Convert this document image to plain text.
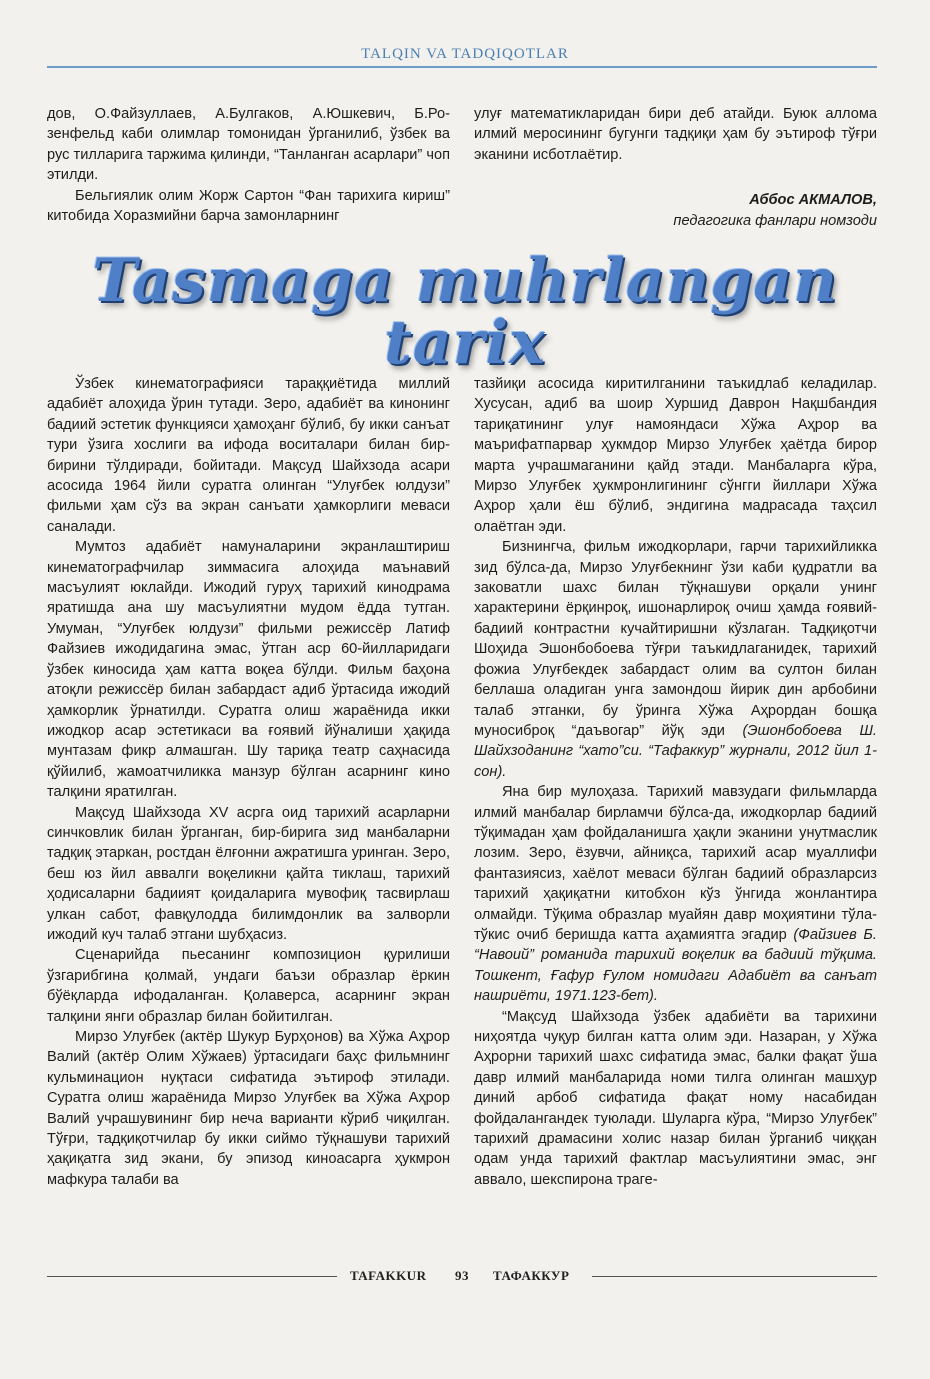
TALQIN VA TADQIQOTLAR

дов, О.Файзуллаев, А.Булгаков, А.Юшкевич, Б.Розенфельд каби олимлар томонидан ўрганилиб, ўзбек ва рус тилларига таржима қилинди, “Танланган асарлари” чоп этилди.

Бельгиялик олим Жорж Сартон “Фан тарихига кириш” китобида Хоразмийни барча замонларнинг

улуғ математикларидан бири деб атайди. Буюк аллома илмий меросининг бугунги тадқиқи ҳам бу эътироф тўғри эканини исботлаётир.

Аббос АКМАЛОВ,
педагогика фанлари номзоди
Tasmaga muhrlangan
tarix

Ўзбек кинематографияси тараққиётида миллий адабиёт алоҳида ўрин тутади. Зеро, адабиёт ва кинонинг бадиий эстетик функцияси ҳамоҳанг бўлиб, бу икки санъат тури ўзига хослиги ва ифода воситалари билан бир-бирини тўлдиради, бойитади. Мақсуд Шайхзода асари асосида 1964 йили суратга олинган “Улуғбек юлдузи” фильми ҳам сўз ва экран санъати ҳамкорлиги меваси саналади.

Мумтоз адабиёт намуналарини экранлаштириш кинематографчилар зиммасига алоҳида маънавий масъулият юклайди. Ижодий гуруҳ тарихий кинодрама яратишда ана шу масъулиятни мудом ёдда тутган. Умуман, “Улуғбек юлдузи” фильми режиссёр Латиф Файзиев ижодидагина эмас, ўтган аср 60-йилларидаги ўзбек киносида ҳам катта воқеа бўлди. Фильм баҳона атоқли режиссёр билан забардаст адиб ўртасида ижодий ҳамкорлик ўрнатилди. Суратга олиш жараёнида икки ижодкор асар эстетикаси ва ғоявий йўналиши ҳақида мунтазам фикр алмашган. Шу тариқа театр саҳнасида қўйилиб, жамоатчиликка манзур бўлган асарнинг кино талқини яратилган.

Мақсуд Шайхзода XV асрга оид тарихий асарларни синчковлик билан ўрганган, бир-бирига зид манбаларни тадқиқ этаркан, ростдан ёлғонни ажратишга уринган. Зеро, беш юз йил аввалги воқеликни қайта тиклаш, тарихий ҳодисаларни бадиият қоидаларига мувофиқ тасвирлаш улкан сабот, фавқулодда билимдонлик ва залворли ижодий куч талаб этгани шубҳасиз.

Сценарийда пьесанинг композицион қурилиши ўзгарибгина қолмай, ундаги баъзи образлар ёркин бўёқларда ифодаланган. Қолаверса, асарнинг экран талқини янги образлар билан бойитилган.

Мирзо Улуғбек (актёр Шукур Бурҳонов) ва Хўжа Аҳрор Валий (актёр Олим Хўжаев) ўртасидаги баҳс фильмнинг кульминацион нуқтаси сифатида эътироф этилади. Суратга олиш жараёнида Мирзо Улуғбек ва Хўжа Аҳрор Валий учрашувининг бир неча варианти кўриб чиқилган. Тўғри, тадқиқотчилар бу икки сиймо тўқнашуви тарихий ҳақиқатга зид экани, бу эпизод киноасарга ҳукмрон мафкура талаби ва

тазйиқи асосида киритилганини таъкидлаб келадилар. Хусусан, адиб ва шоир Хуршид Даврон Нақшбандия тариқатининг улуғ намояндаси Хўжа Аҳрор ва маърифатпарвар ҳукмдор Мирзо Улуғбек ҳаётда бирор марта учрашмаганини қайд этади. Манбаларга кўра, Мирзо Улуғбек ҳукмронлигининг сўнгги йиллари Хўжа Аҳрор ҳали ёш бўлиб, эндигина мадрасада таҳсил олаётган эди.

Бизнингча, фильм ижодкорлари, гарчи тарихийликка зид бўлса-да, Мирзо Улуғбекнинг ўзи каби қудратли ва заковатли шахс билан тўқнашуви орқали унинг характерини ёрқинроқ, ишонарлироқ очиш ҳамда ғоявий-бадиий контрастни кучайтиришни кўзлаган. Тадқиқотчи Шоҳида Эшонбобоева тўғри таъкидлаганидек, тарихий фожиа Улуғбекдек забардаст олим ва султон билан беллаша оладиган унга замондош йирик дин арбобини талаб этганки, бу ўринга Хўжа Аҳрордан бошқа муносиброқ “даъвогар” йўқ эди (Эшонбобоева Ш. Шайхзоданинг “хато”си. “Тафаккур” журнали, 2012 йил 1-сон).

Яна бир мулоҳаза. Тарихий мавзудаги фильмларда илмий манбалар бирламчи бўлса-да, ижодкорлар бадиий тўқимадан ҳам фойдаланишга ҳақли эканини унутмаслик лозим. Зеро, ёзувчи, айниқса, тарихий асар муаллифи фантазиясиз, хаёлот меваси бўлган бадиий образларсиз тарихий ҳақиқатни китобхон кўз ўнгида жонлантира олмайди. Тўқима образлар муайян давр моҳиятини тўла-тўкис очиб беришда катта аҳамиятга эгадир (Файзиев Б. “Навоий” романида тарихий воқелик ва бадиий тўқима. Тошкент, Ғафур Ғулом номидаги Адабиёт ва санъат нашриёти, 1971.123-бет).

“Мақсуд Шайхзода ўзбек адабиёти ва тарихини ниҳоятда чуқур билган катта олим эди. Назаран, у Хўжа Аҳрорни тарихий шахс сифатида эмас, балки фақат ўша давр илмий манбаларида номи тилга олинган машҳур диний арбоб сифатида фақат ному насабидан фойдалангандек туюлади. Шуларга кўра, “Мирзо Улуғбек” тарихий драмасини холис назар билан ўрганиб чиққан одам унда тарихий фактлар масъулиятини эмас, энг аввало, шекспирона траге-

TAFAKKUR 93 ТАФАККУР
